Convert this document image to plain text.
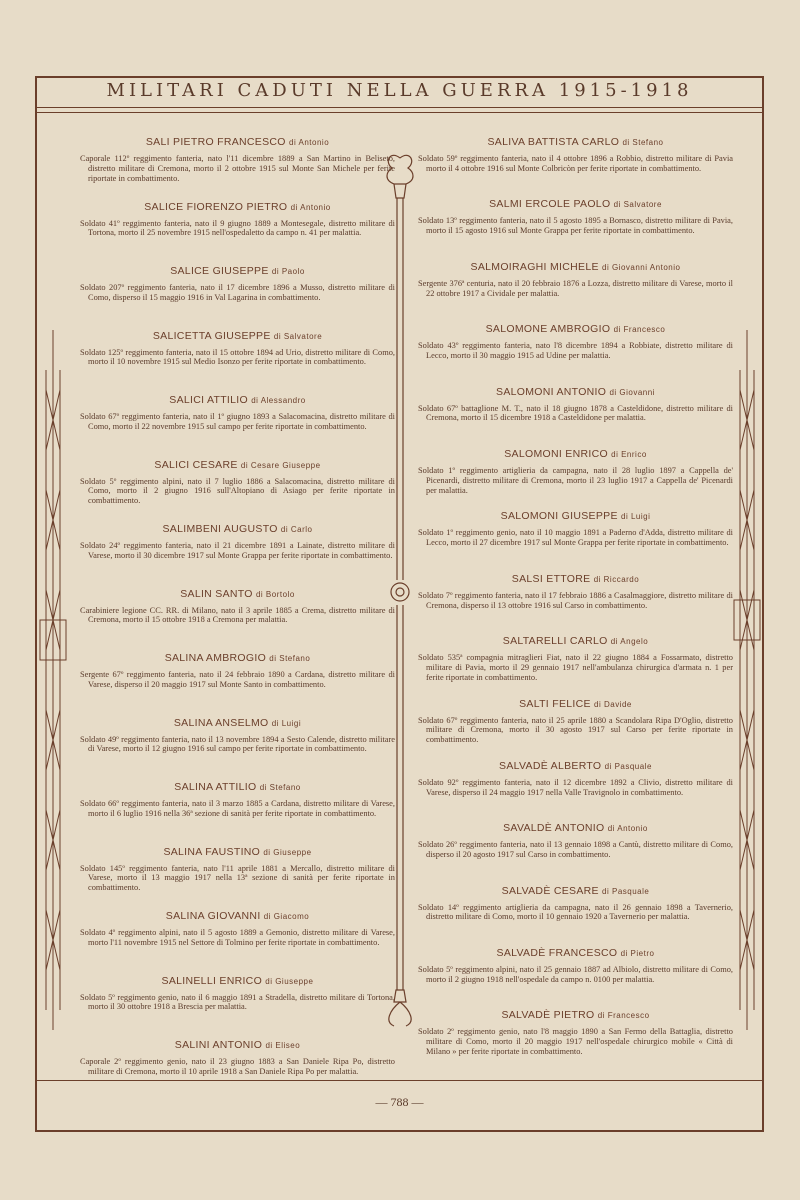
MILITARI CADUTI NELLA GUERRA 1915-1918
SALI PIETRO FRANCESCO di Antonio
Caporale 112º reggimento fanteria, nato l'11 dicembre 1889 a San Martino in Beliseto, distretto militare di Cremona, morto il 2 ottobre 1915 sul Monte San Michele per ferite riportate in combattimento.
SALICE FIORENZO PIETRO di Antonio
Soldato 41º reggimento fanteria, nato il 9 giugno 1889 a Montesegale, distretto militare di Tortona, morto il 25 novembre 1915 nell'ospedaletto da campo n. 41 per malattia.
SALICE GIUSEPPE di Paolo
Soldato 207º reggimento fanteria, nato il 17 dicembre 1896 a Musso, distretto militare di Como, disperso il 15 maggio 1916 in Val Lagarina in combattimento.
SALICETTA GIUSEPPE di Salvatore
Soldato 125º reggimento fanteria, nato il 15 ottobre 1894 ad Urio, distretto militare di Como, morto il 10 novembre 1915 sul Medio Isonzo per ferite riportate in combattimento.
SALICI ATTILIO di Alessandro
Soldato 67º reggimento fanteria, nato il 1º giugno 1893 a Salacomacina, distretto militare di Como, morto il 22 novembre 1915 sul campo per ferite riportate in combattimento.
SALICI CESARE di Cesare Giuseppe
Soldato 5º reggimento alpini, nato il 7 luglio 1886 a Salacomacina, distretto militare di Como, morto il 2 giugno 1916 sull'Altopiano di Asiago per ferite riportate in combattimento.
SALIMBENI AUGUSTO di Carlo
Soldato 24º reggimento fanteria, nato il 21 dicembre 1891 a Lainate, distretto militare di Varese, morto il 30 dicembre 1917 sul Monte Grappa per ferite riportate in combattimento.
SALIN SANTO di Bortolo
Carabiniere legione CC. RR. di Milano, nato il 3 aprile 1885 a Crema, distretto militare di Cremona, morto il 15 ottobre 1918 a Cremona per malattia.
SALINA AMBROGIO di Stefano
Sergente 67º reggimento fanteria, nato il 24 febbraio 1890 a Cardana, distretto militare di Varese, disperso il 20 maggio 1917 sul Monte Santo in combattimento.
SALINA ANSELMO di Luigi
Soldato 49º reggimento fanteria, nato il 13 novembre 1894 a Sesto Calende, distretto militare di Varese, morto il 12 giugno 1916 sul campo per ferite riportate in combattimento.
SALINA ATTILIO di Stefano
Soldato 66º reggimento fanteria, nato il 3 marzo 1885 a Cardana, distretto militare di Varese, morto il 6 luglio 1916 nella 36ª sezione di sanità per ferite riportate in combattimento.
SALINA FAUSTINO di Giuseppe
Soldato 145º reggimento fanteria, nato l'11 aprile 1881 a Mercallo, distretto militare di Varese, morto il 13 maggio 1917 nella 13ª sezione di sanità per ferite riportate in combattimento.
SALINA GIOVANNI di Giacomo
Soldato 4º reggimento alpini, nato il 5 agosto 1889 a Gemonio, distretto militare di Varese, morto l'11 novembre 1915 nel Settore di Tolmino per ferite riportate in combattimento.
SALINELLI ENRICO di Giuseppe
Soldato 5º reggimento genio, nato il 6 maggio 1891 a Stradella, distretto militare di Tortona, morto il 30 ottobre 1918 a Brescia per malattia.
SALINI ANTONIO di Eliseo
Caporale 2º reggimento genio, nato il 23 giugno 1883 a San Daniele Ripa Po, distretto militare di Cremona, morto il 10 aprile 1918 a San Daniele Ripa Po per malattia.
SALIVA BATTISTA CARLO di Stefano
Soldato 59º reggimento fanteria, nato il 4 ottobre 1896 a Robbio, distretto militare di Pavia morto il 4 ottobre 1916 sul Monte Colbricòn per ferite riportate in combattimento.
SALMI ERCOLE PAOLO di Salvatore
Soldato 13º reggimento fanteria, nato il 5 agosto 1895 a Bornasco, distretto militare di Pavia, morto il 15 agosto 1916 sul Monte Grappa per ferite riportate in combattimento.
SALMOIRAGHI MICHELE di Giovanni Antonio
Sergente 376ª centuria, nato il 20 febbraio 1876 a Lozza, distretto militare di Varese, morto il 22 ottobre 1917 a Cividale per malattia.
SALOMONE AMBROGIO di Francesco
Soldato 43º reggimento fanteria, nato l'8 dicembre 1894 a Robbiate, distretto militare di Lecco, morto il 30 maggio 1915 ad Udine per malattia.
SALOMONI ANTONIO di Giovanni
Soldato 67º battaglione M. T., nato il 18 giugno 1878 a Casteldidone, distretto militare di Cremona, morto il 15 dicembre 1918 a Casteldidone per malattia.
SALOMONI ENRICO di Enrico
Soldato 1º reggimento artiglieria da campagna, nato il 28 luglio 1897 a Cappella de' Picenardi, distretto militare di Cremona, morto il 23 luglio 1917 a Cappella de' Picenardi per malattia.
SALOMONI GIUSEPPE di Luigi
Soldato 1º reggimento genio, nato il 10 maggio 1891 a Paderno d'Adda, distretto militare di Lecco, morto il 27 dicembre 1917 sul Monte Grappa per ferite riportate in combattimento.
SALSI ETTORE di Riccardo
Soldato 7º reggimento fanteria, nato il 17 febbraio 1886 a Casalmaggiore, distretto militare di Cremona, disperso il 13 ottobre 1916 sul Carso in combattimento.
SALTARELLI CARLO di Angelo
Soldato 535ª compagnia mitraglieri Fiat, nato il 22 giugno 1884 a Fossarmato, distretto militare di Pavia, morto il 29 gennaio 1917 nell'ambulanza chirurgica d'armata n. 1 per ferite riportate in combattimento.
SALTI FELICE di Davide
Soldato 67º reggimento fanteria, nato il 25 aprile 1880 a Scandolara Ripa D'Oglio, distretto militare di Cremona, morto il 30 agosto 1917 sul Carso per ferite riportate in combattimento.
SALVADÈ ALBERTO di Pasquale
Soldato 92º reggimento fanteria, nato il 12 dicembre 1892 a Clivio, distretto militare di Varese, disperso il 24 maggio 1917 nella Valle Travignolo in combattimento.
SAVALDÈ ANTONIO di Antonio
Soldato 26º reggimento fanteria, nato il 13 gennaio 1898 a Cantù, distretto militare di Como, disperso il 20 agosto 1917 sul Carso in combattimento.
SALVADÈ CESARE di Pasquale
Soldato 14º reggimento artiglieria da campagna, nato il 26 gennaio 1898 a Tavernerio, distretto militare di Como, morto il 10 gennaio 1920 a Tavernerio per malattia.
SALVADÈ FRANCESCO di Pietro
Soldato 5º reggimento alpini, nato il 25 gennaio 1887 ad Albiolo, distretto militare di Como, morto il 2 giugno 1918 nell'ospedale da campo n. 0100 per malattia.
SALVADÈ PIETRO di Francesco
Soldato 2º reggimento genio, nato l'8 maggio 1890 a San Fermo della Battaglia, distretto militare di Como, morto il 20 maggio 1917 nell'ospedale chirurgico mobile « Città di Milano » per ferite riportate in combattimento.
— 788 —
